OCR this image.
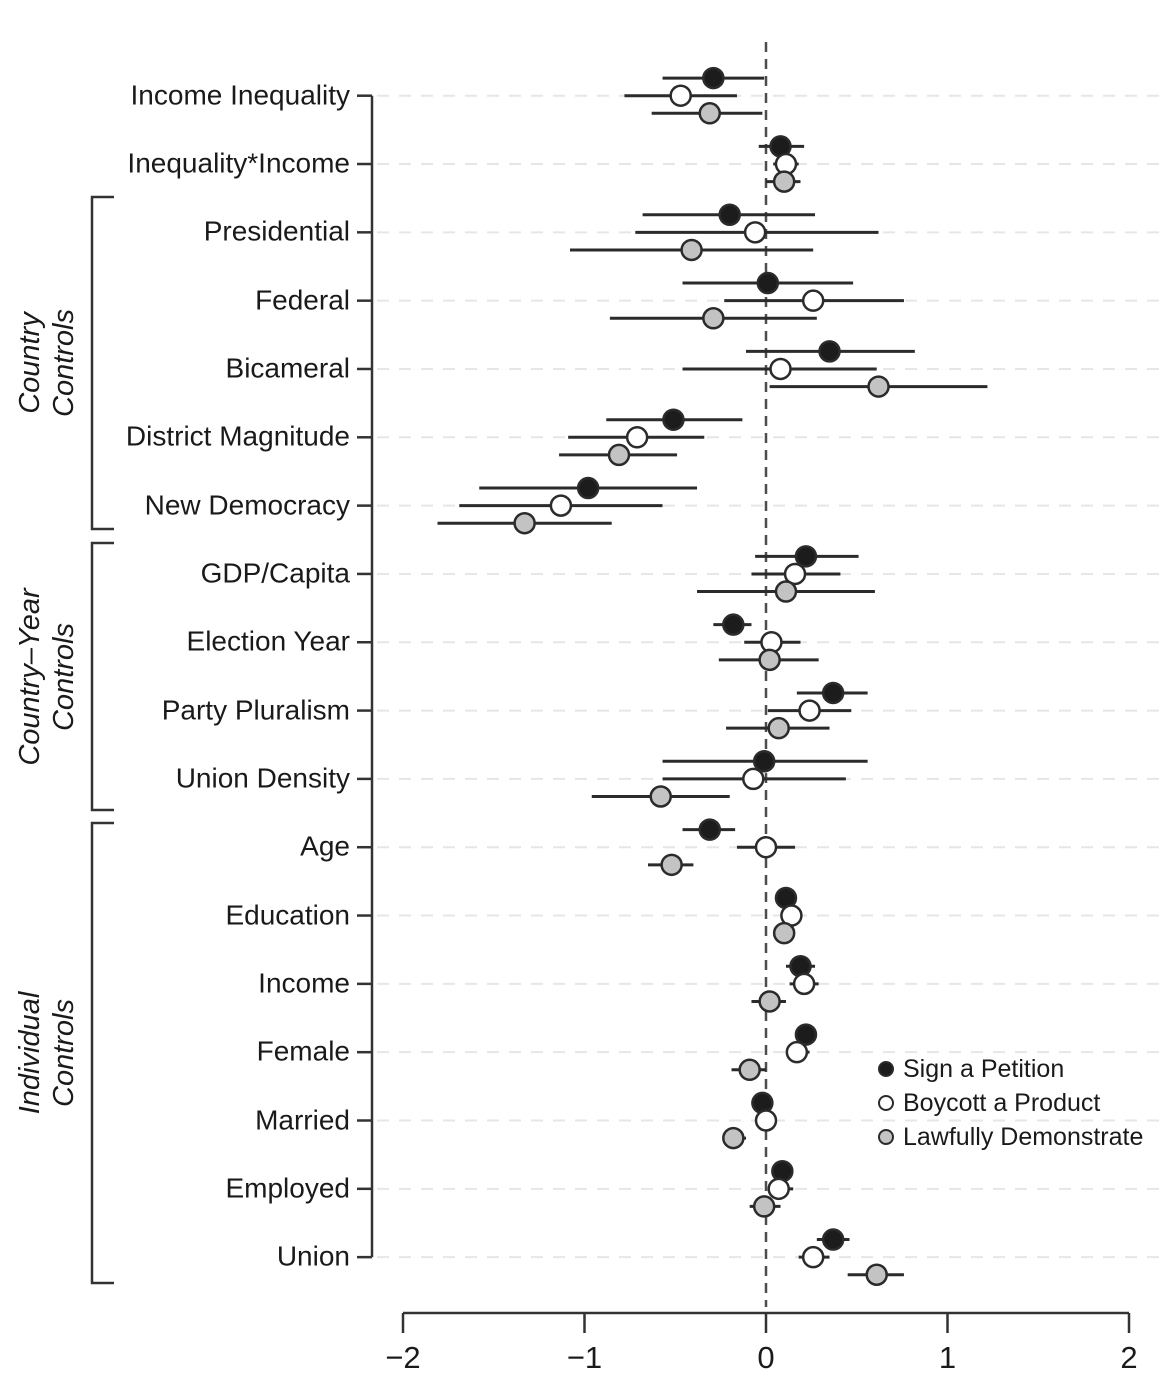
Income Inequality
Inequality*Income
Presidential
Federal
Bicameral
District Magnitude
New Democracy
GDP/Capita
Election Year
Party Pluralism
Union Density
Age
Education
Income
Female
Married
Employed
Union
−2	−1	0	1	2
Country Controls
Country–Year Controls
Individual Controls	Sign a Petition
Boycott a Product
Lawfully Demonstrate
